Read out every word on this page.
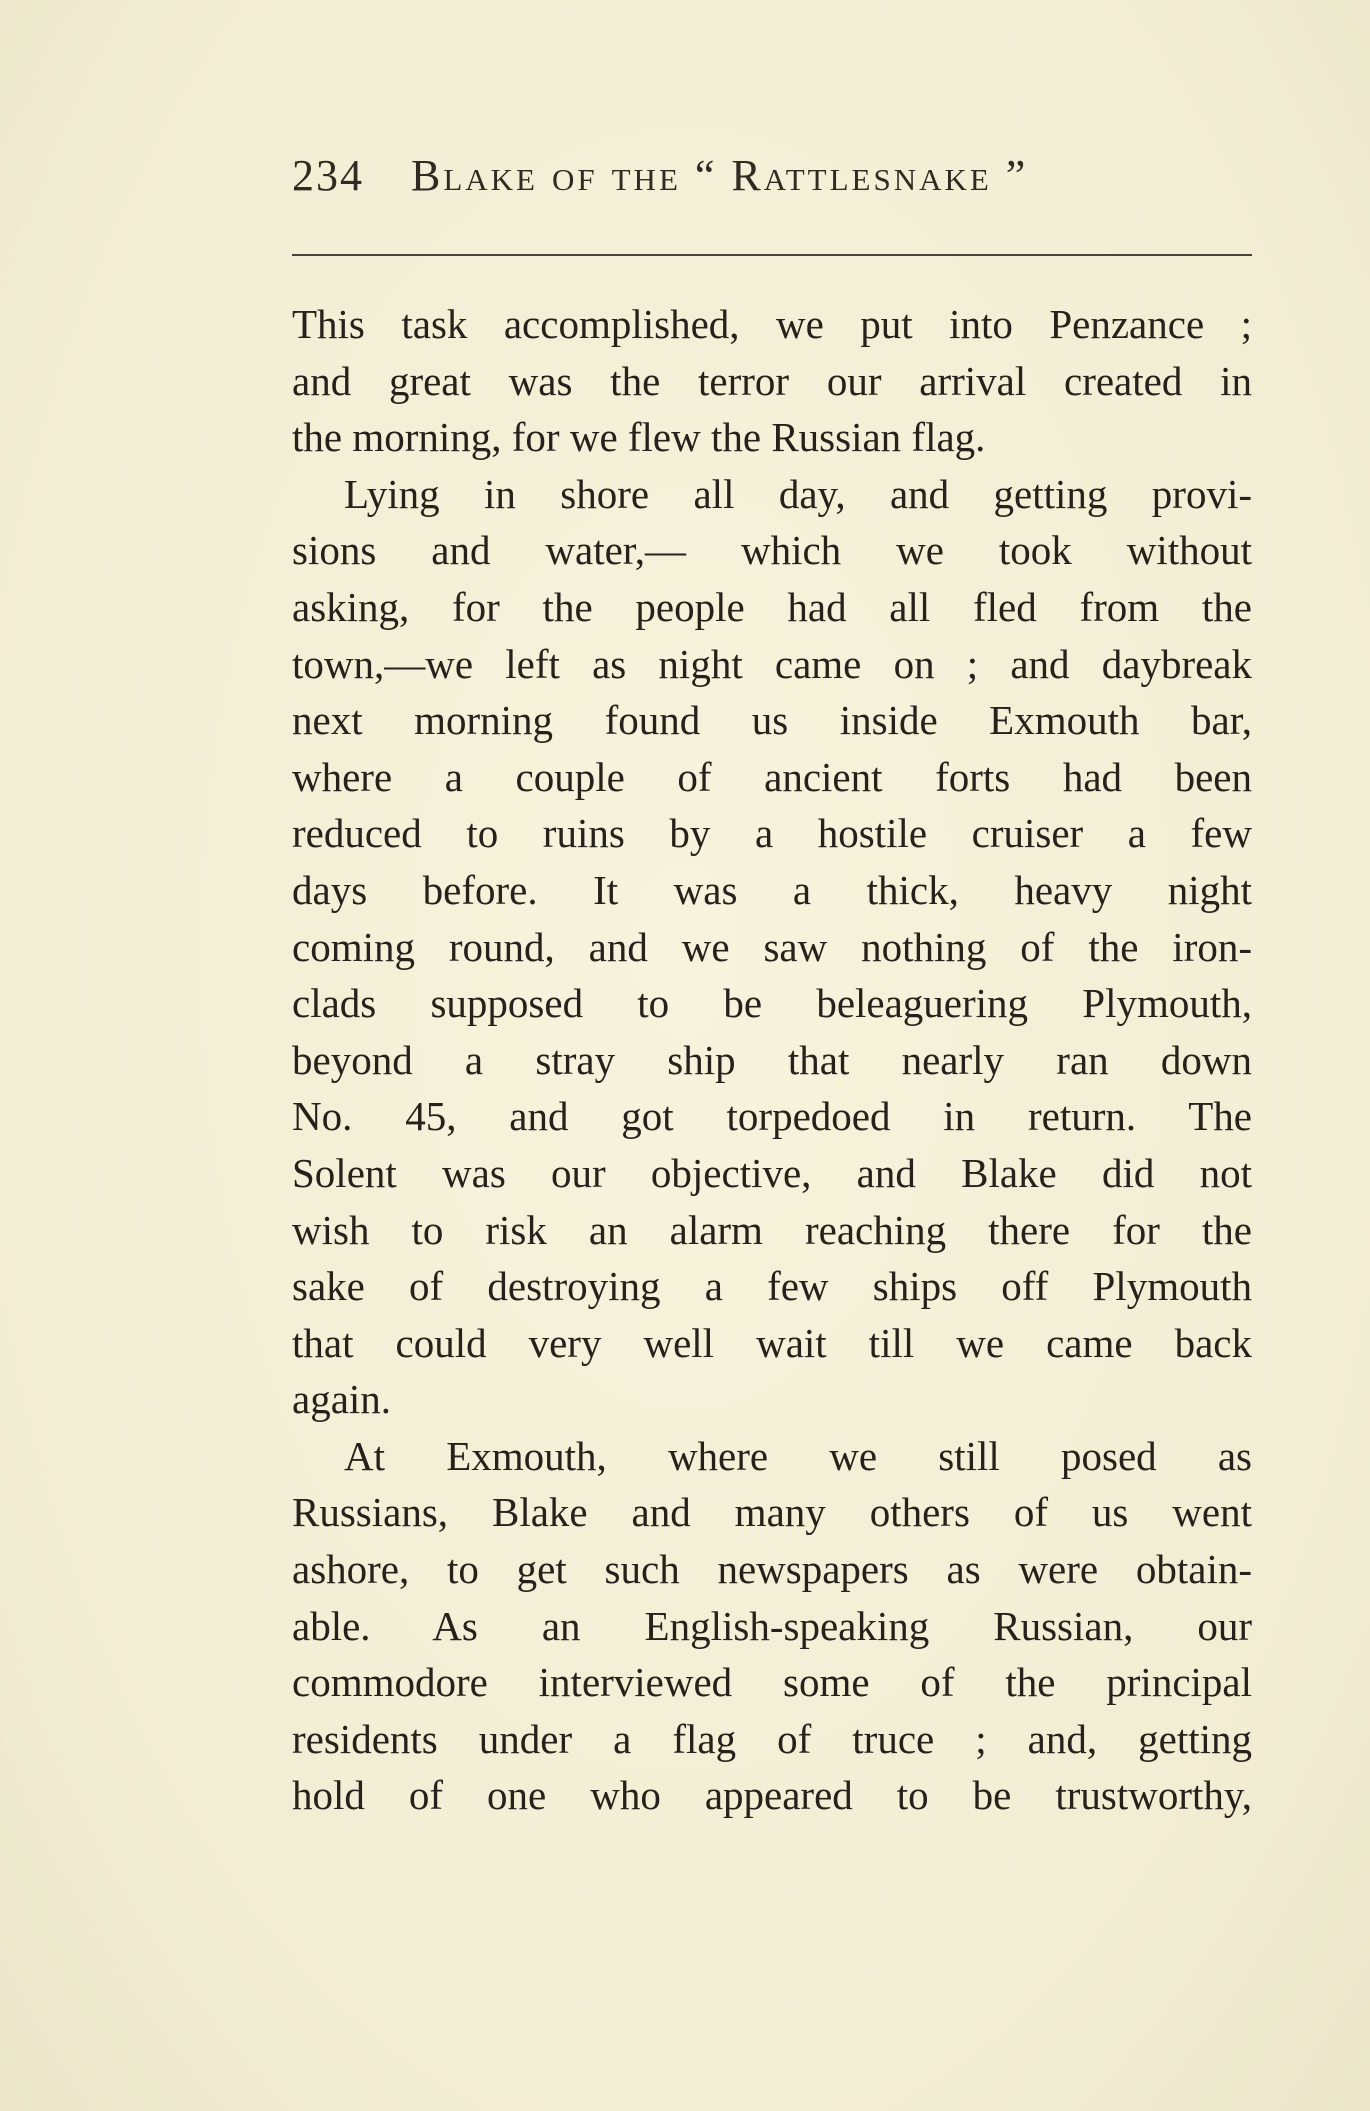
234 Blake of the “ Rattlesnake ”
This task accomplished, we put into Penzance ;
and great was the terror our arrival created in
the morning, for we flew the Russian flag.
Lying in shore all day, and getting provi-
sions and water,— which we took without
asking, for the people had all fled from the
town,—we left as night came on ; and daybreak
next morning found us inside Exmouth bar,
where a couple of ancient forts had been
reduced to ruins by a hostile cruiser a few
days before. It was a thick, heavy night
coming round, and we saw nothing of the iron-
clads supposed to be beleaguering Plymouth,
beyond a stray ship that nearly ran down
No. 45, and got torpedoed in return. The
Solent was our objective, and Blake did not
wish to risk an alarm reaching there for the
sake of destroying a few ships off Plymouth
that could very well wait till we came back
again.
At Exmouth, where we still posed as
Russians, Blake and many others of us went
ashore, to get such newspapers as were obtain-
able. As an English-speaking Russian, our
commodore interviewed some of the principal
residents under a flag of truce ; and, getting
hold of one who appeared to be trustworthy,
